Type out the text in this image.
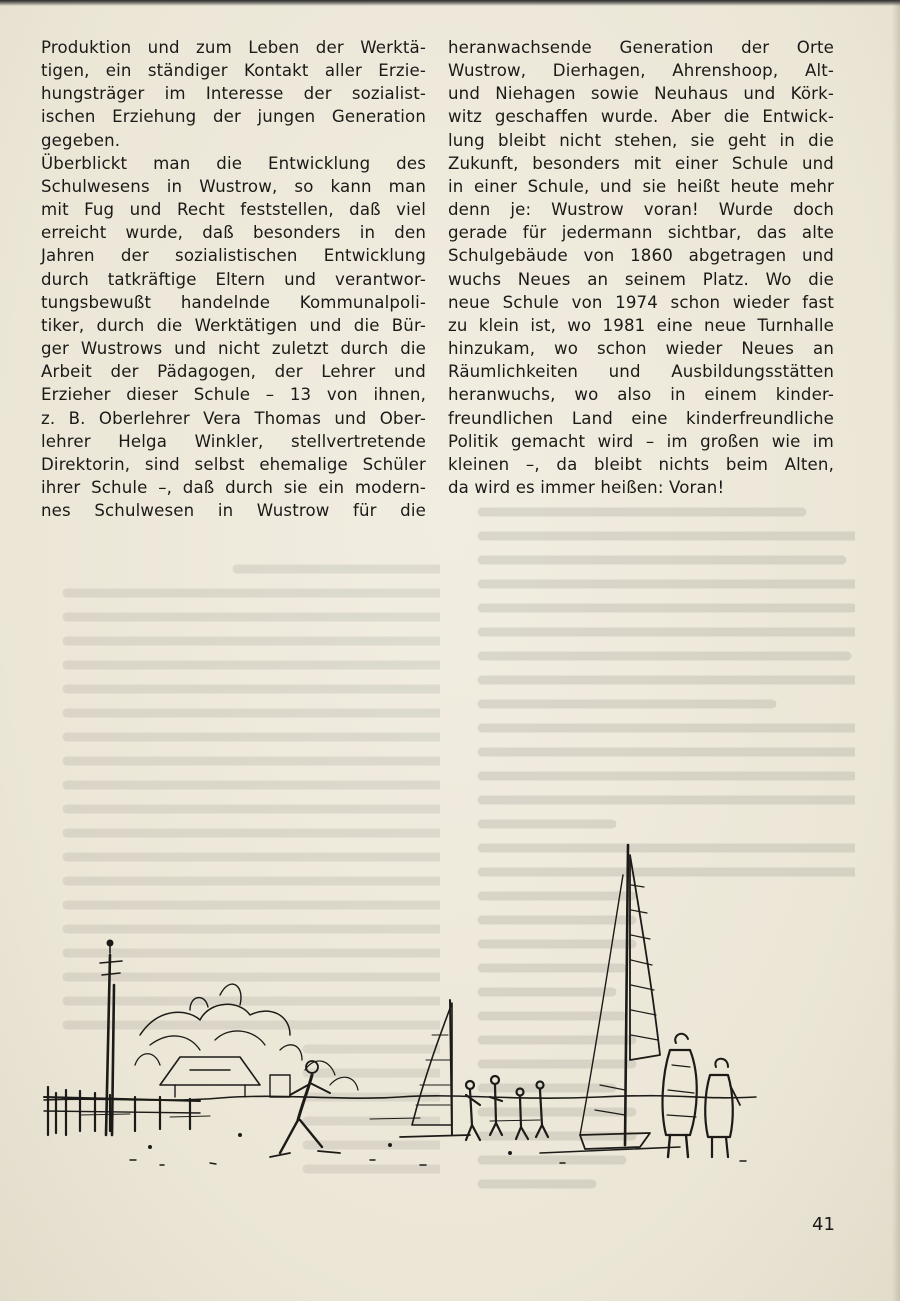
Produktion und zum Leben der Werktä-
tigen, ein ständiger Kontakt aller Erzie-
hungsträger im Interesse der sozialist-
ischen Erziehung der jungen Generation
gegeben.
Überblickt man die Entwicklung des
Schulwesens in Wustrow, so kann man
mit Fug und Recht feststellen, daß viel
erreicht wurde, daß besonders in den
Jahren der sozialistischen Entwicklung
durch tatkräftige Eltern und verantwor-
tungsbewußt handelnde Kommunalpoli-
tiker, durch die Werktätigen und die Bür-
ger Wustrows und nicht zuletzt durch die
Arbeit der Pädagogen, der Lehrer und
Erzieher dieser Schule – 13 von ihnen,
z. B. Oberlehrer Vera Thomas und Ober-
lehrer Helga Winkler, stellvertretende
Direktorin, sind selbst ehemalige Schüler
ihrer Schule –, daß durch sie ein modern-
nes Schulwesen in Wustrow für die
heranwachsende Generation der Orte
Wustrow, Dierhagen, Ahrenshoop, Alt-
und Niehagen sowie Neuhaus und Körk-
witz geschaffen wurde. Aber die Entwick-
lung bleibt nicht stehen, sie geht in die
Zukunft, besonders mit einer Schule und
in einer Schule, und sie heißt heute mehr
denn je: Wustrow voran! Wurde doch
gerade für jedermann sichtbar, das alte
Schulgebäude von 1860 abgetragen und
wuchs Neues an seinem Platz. Wo die
neue Schule von 1974 schon wieder fast
zu klein ist, wo 1981 eine neue Turnhalle
hinzukam, wo schon wieder Neues an
Räumlichkeiten und Ausbildungsstätten
heranwuchs, wo also in einem kinder-
freundlichen Land eine kinderfreundliche
Politik gemacht wird – im großen wie im
kleinen –, da bleibt nichts beim Alten,
da wird es immer heißen: Voran!
41
